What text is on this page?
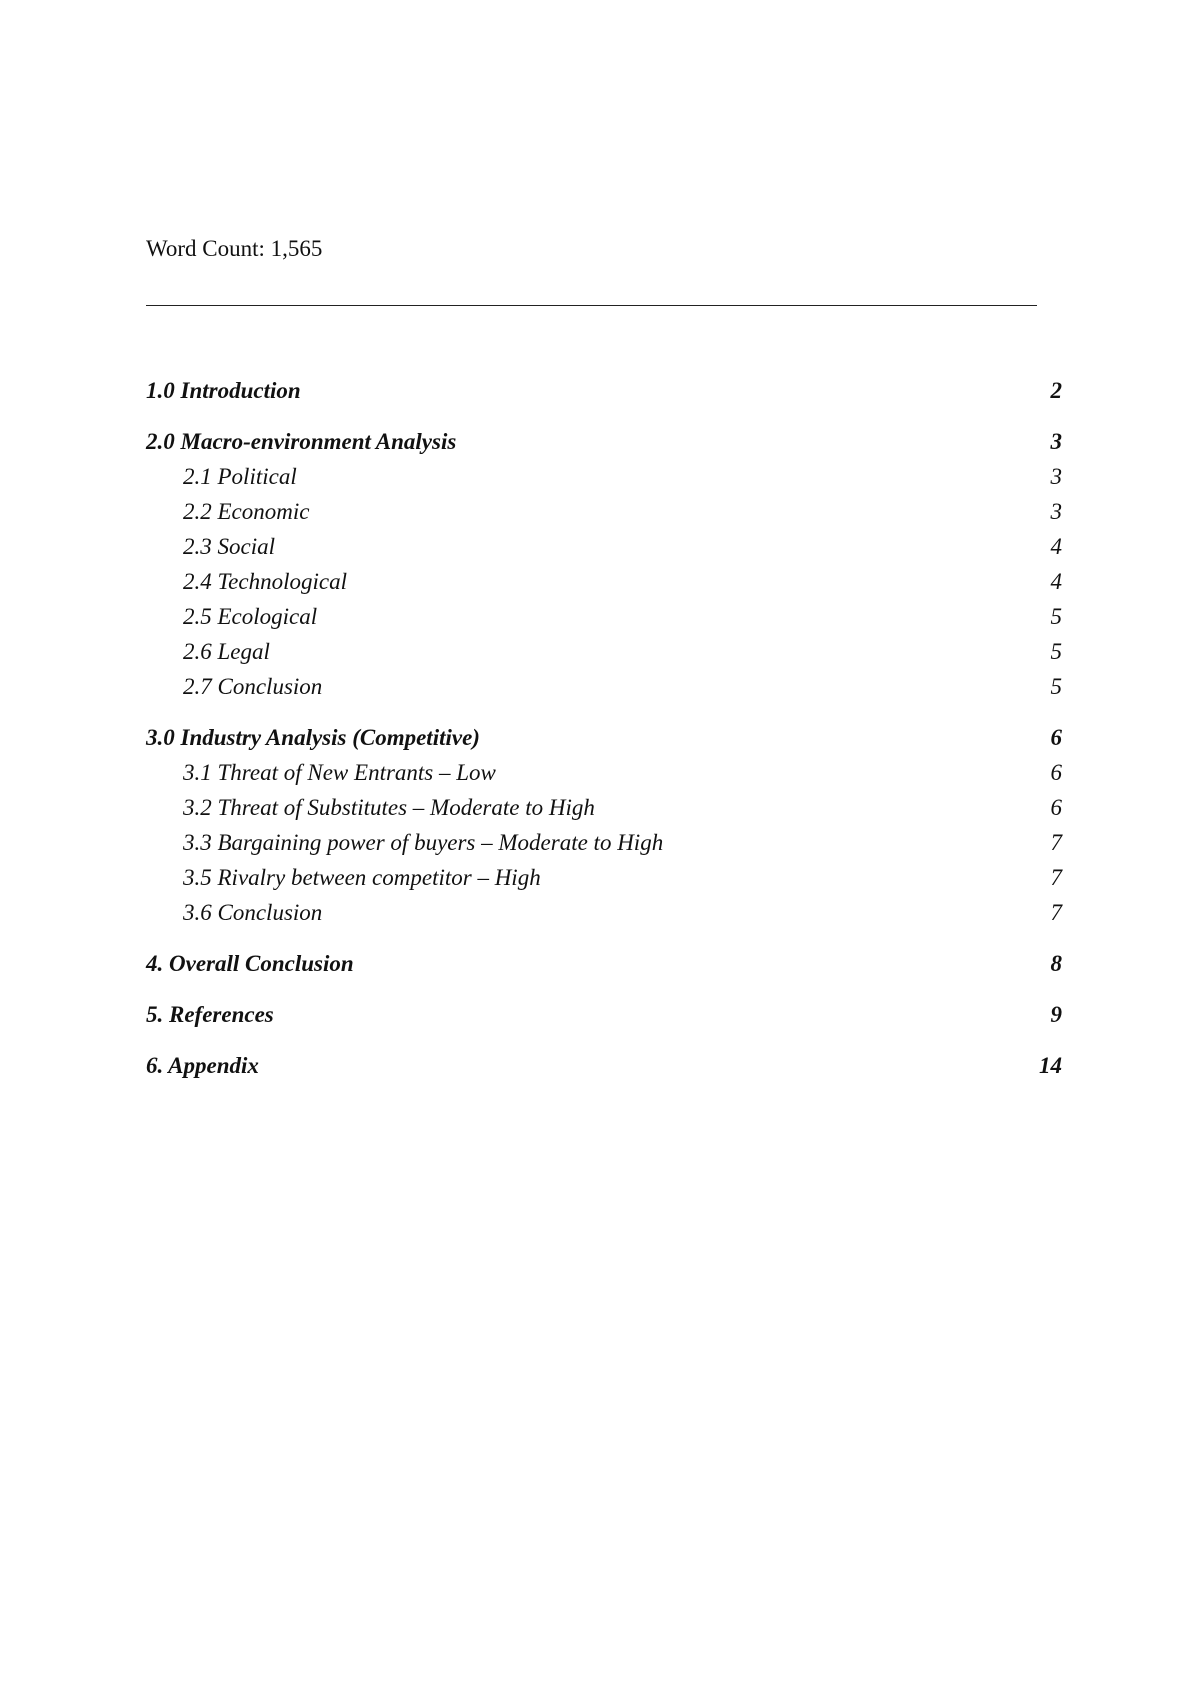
Word Count: 1,565
1.0 Introduction	2
2.0 Macro-environment Analysis	3
2.1 Political	3
2.2 Economic	3
2.3 Social	4
2.4 Technological	4
2.5 Ecological	5
2.6 Legal	5
2.7 Conclusion	5
3.0 Industry Analysis (Competitive)	6
3.1 Threat of New Entrants – Low	6
3.2 Threat of Substitutes – Moderate to High	6
3.3 Bargaining power of buyers – Moderate to High	7
3.5 Rivalry between competitor – High	7
3.6 Conclusion	7
4. Overall Conclusion	8
5. References	9
6. Appendix	14
